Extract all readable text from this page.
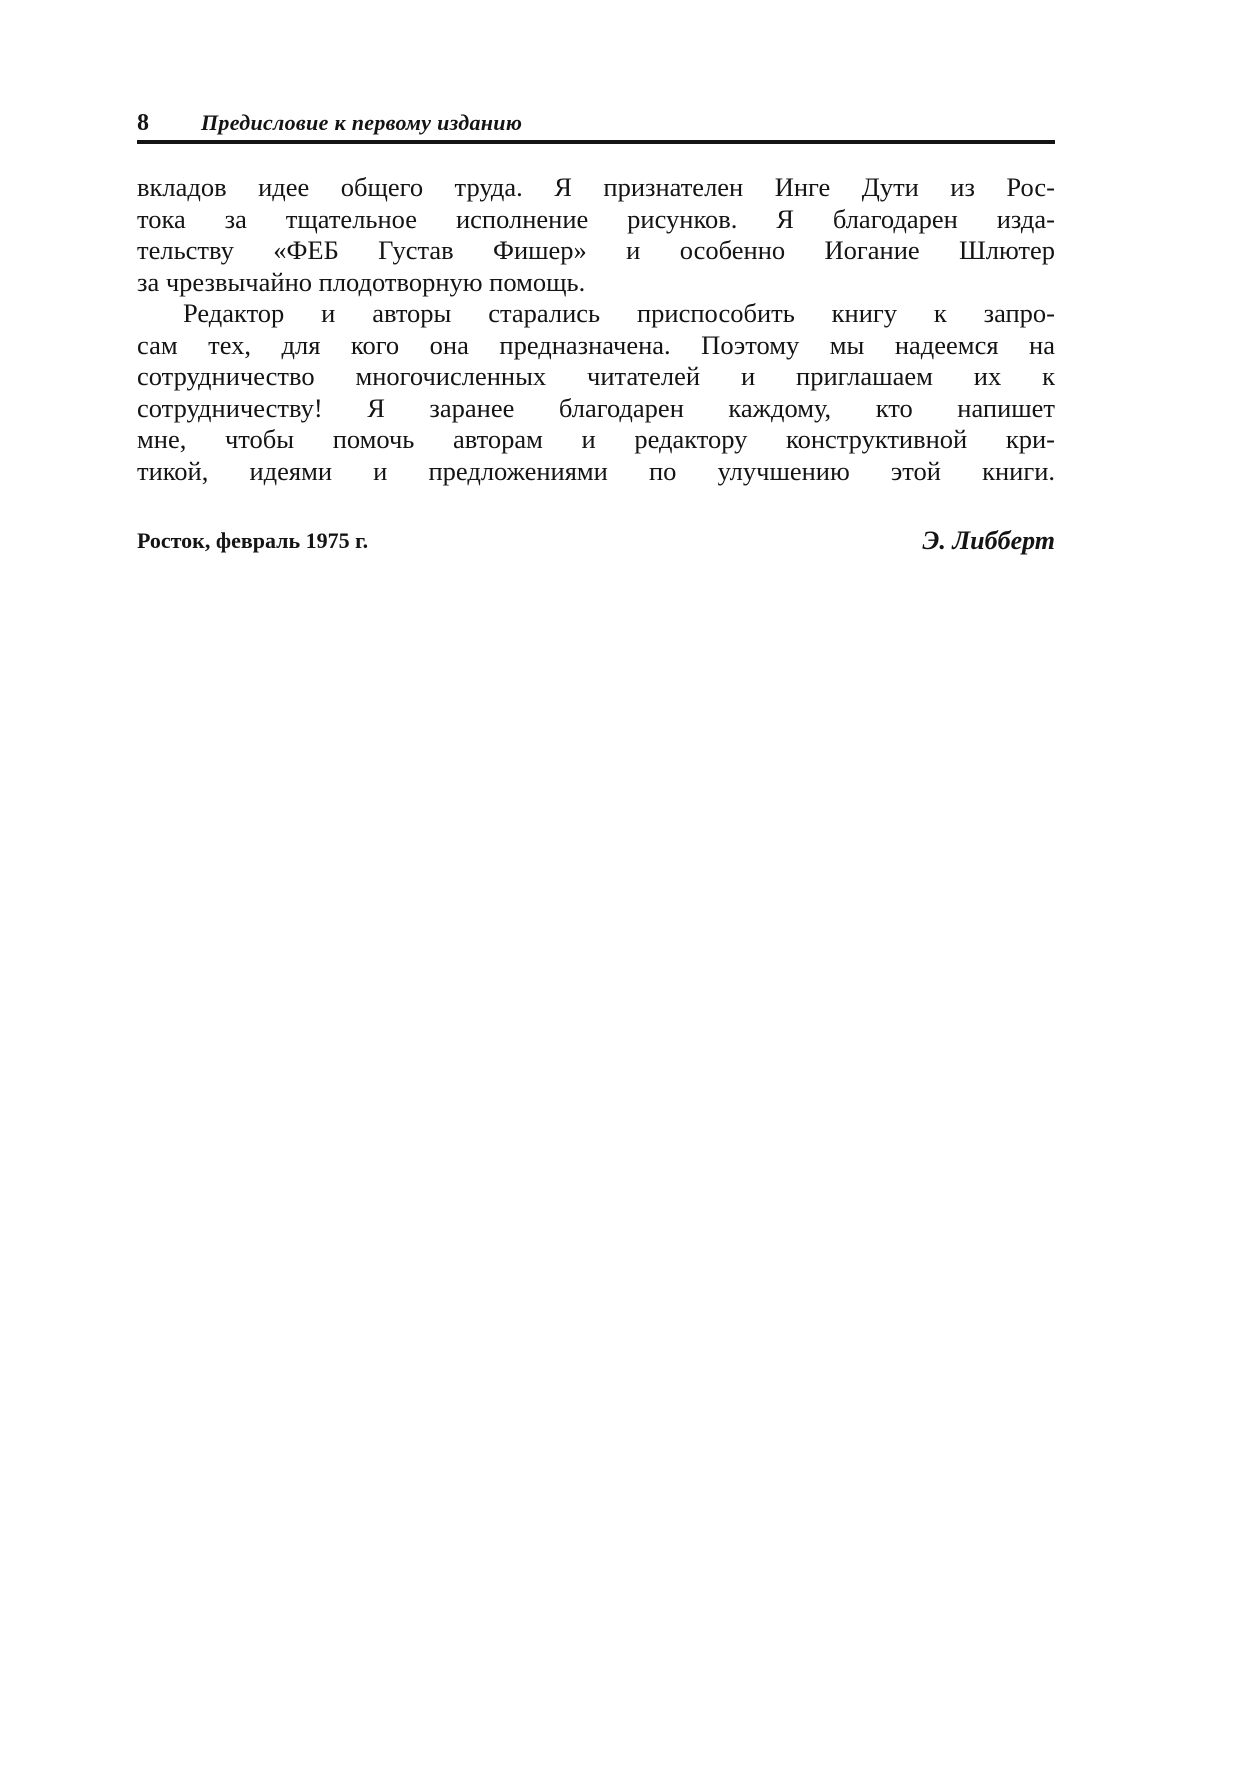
8 Предисловие к первому изданию
вкладов идее общего труда. Я признателен Инге Дути из Рос-
тока за тщательное исполнение рисунков. Я благодарен изда-
тельству «ФЕБ Густав Фишер» и особенно Иогание Шлютер
за чрезвычайно плодотворную помощь.
Редактор и авторы старались приспособить книгу к запро-
сам тех, для кого она предназначена. Поэтому мы надеемся на
сотрудничество многочисленных читателей и приглашаем их к
сотрудничеству! Я заранее благодарен каждому, кто напишет
мне, чтобы помочь авторам и редактору конструктивной кри-
тикой, идеями и предложениями по улучшению этой книги.
Росток, февраль 1975 г.	Э. Либберт
